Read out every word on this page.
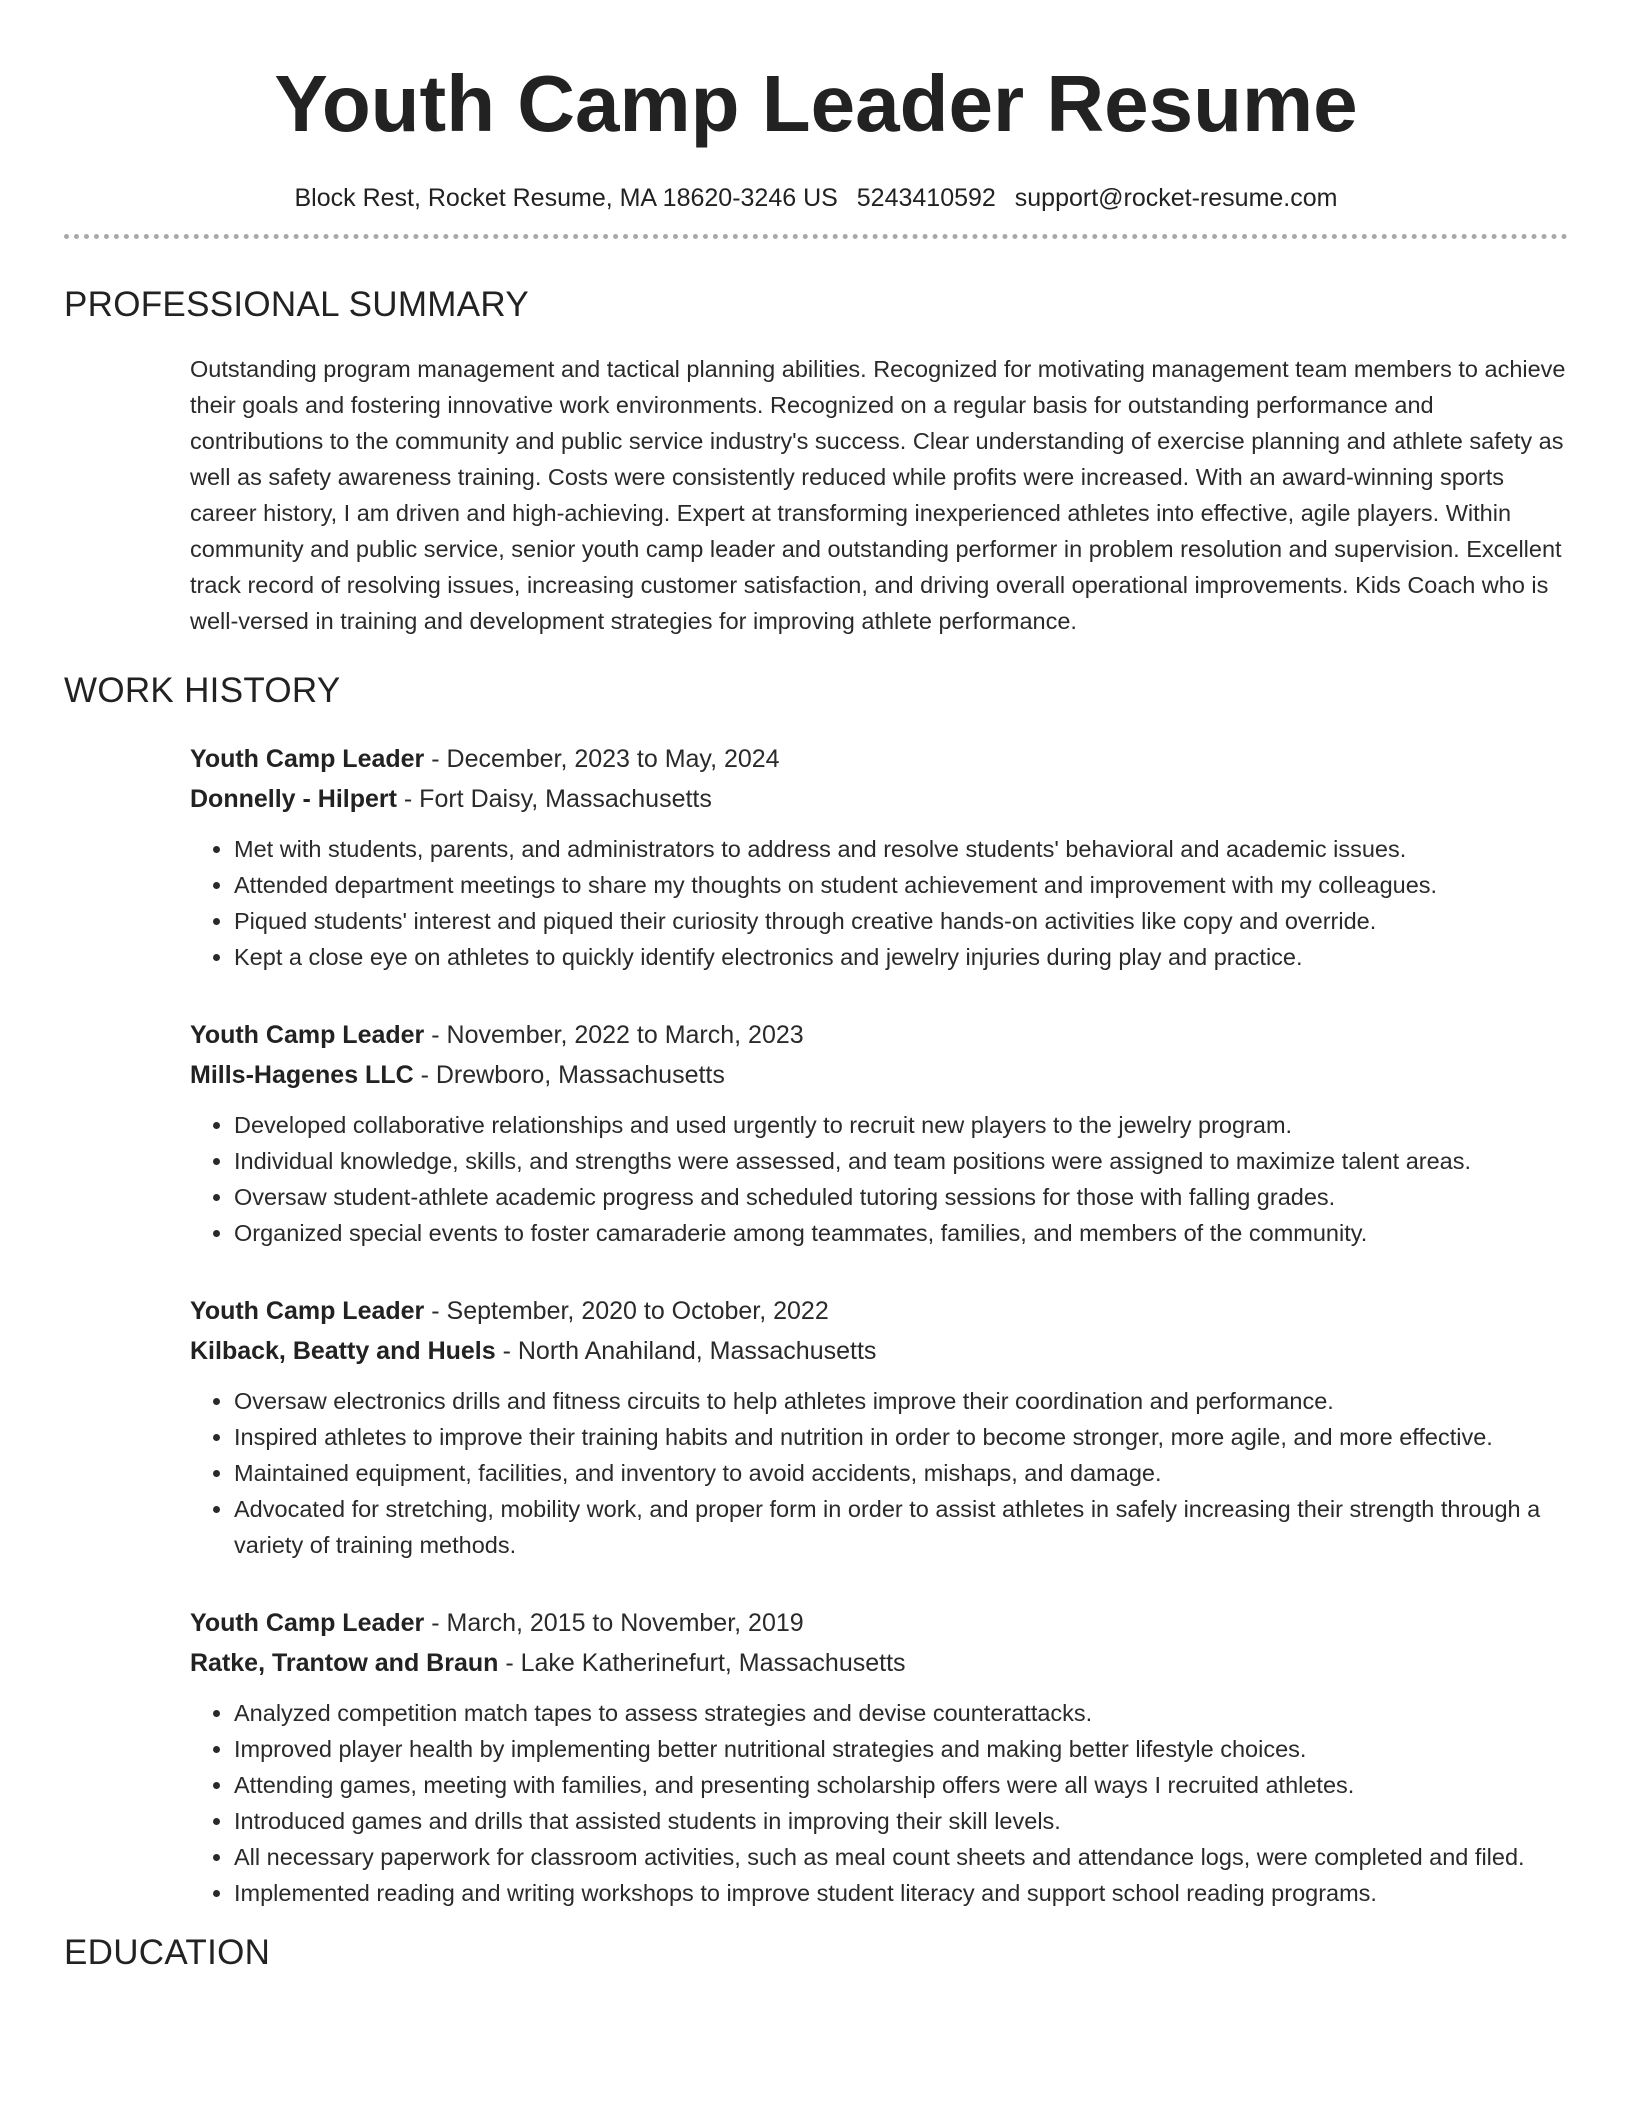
Youth Camp Leader Resume
Block Rest, Rocket Resume, MA 18620-3246 US 5243410592 support@rocket-resume.com
PROFESSIONAL SUMMARY

Outstanding program management and tactical planning abilities. Recognized for motivating management team members to achieve their goals and fostering innovative work environments. Recognized on a regular basis for outstanding performance and contributions to the community and public service industry's success. Clear understanding of exercise planning and athlete safety as well as safety awareness training. Costs were consistently reduced while profits were increased. With an award-winning sports career history, I am driven and high-achieving. Expert at transforming inexperienced athletes into effective, agile players. Within community and public service, senior youth camp leader and outstanding performer in problem resolution and supervision. Excellent track record of resolving issues, increasing customer satisfaction, and driving overall operational improvements. Kids Coach who is well-versed in training and development strategies for improving athlete performance.

WORK HISTORY
Youth Camp Leader - December, 2023 to May, 2024
Donnelly - Hilpert - Fort Daisy, Massachusetts
• Met with students, parents, and administrators to address and resolve students' behavioral and academic issues.
• Attended department meetings to share my thoughts on student achievement and improvement with my colleagues.
• Piqued students' interest and piqued their curiosity through creative hands-on activities like copy and override.
• Kept a close eye on athletes to quickly identify electronics and jewelry injuries during play and practice.
Youth Camp Leader - November, 2022 to March, 2023
Mills-Hagenes LLC - Drewboro, Massachusetts
• Developed collaborative relationships and used urgently to recruit new players to the jewelry program.
• Individual knowledge, skills, and strengths were assessed, and team positions were assigned to maximize talent areas.
• Oversaw student-athlete academic progress and scheduled tutoring sessions for those with falling grades.
• Organized special events to foster camaraderie among teammates, families, and members of the community.
Youth Camp Leader - September, 2020 to October, 2022
Kilback, Beatty and Huels - North Anahiland, Massachusetts
• Oversaw electronics drills and fitness circuits to help athletes improve their coordination and performance.
• Inspired athletes to improve their training habits and nutrition in order to become stronger, more agile, and more effective.
• Maintained equipment, facilities, and inventory to avoid accidents, mishaps, and damage.
• Advocated for stretching, mobility work, and proper form in order to assist athletes in safely increasing their strength through a variety of training methods.
Youth Camp Leader - March, 2015 to November, 2019
Ratke, Trantow and Braun - Lake Katherinefurt, Massachusetts
• Analyzed competition match tapes to assess strategies and devise counterattacks.
• Improved player health by implementing better nutritional strategies and making better lifestyle choices.
• Attending games, meeting with families, and presenting scholarship offers were all ways I recruited athletes.
• Introduced games and drills that assisted students in improving their skill levels.
• All necessary paperwork for classroom activities, such as meal count sheets and attendance logs, were completed and filed.
• Implemented reading and writing workshops to improve student literacy and support school reading programs.
EDUCATION
